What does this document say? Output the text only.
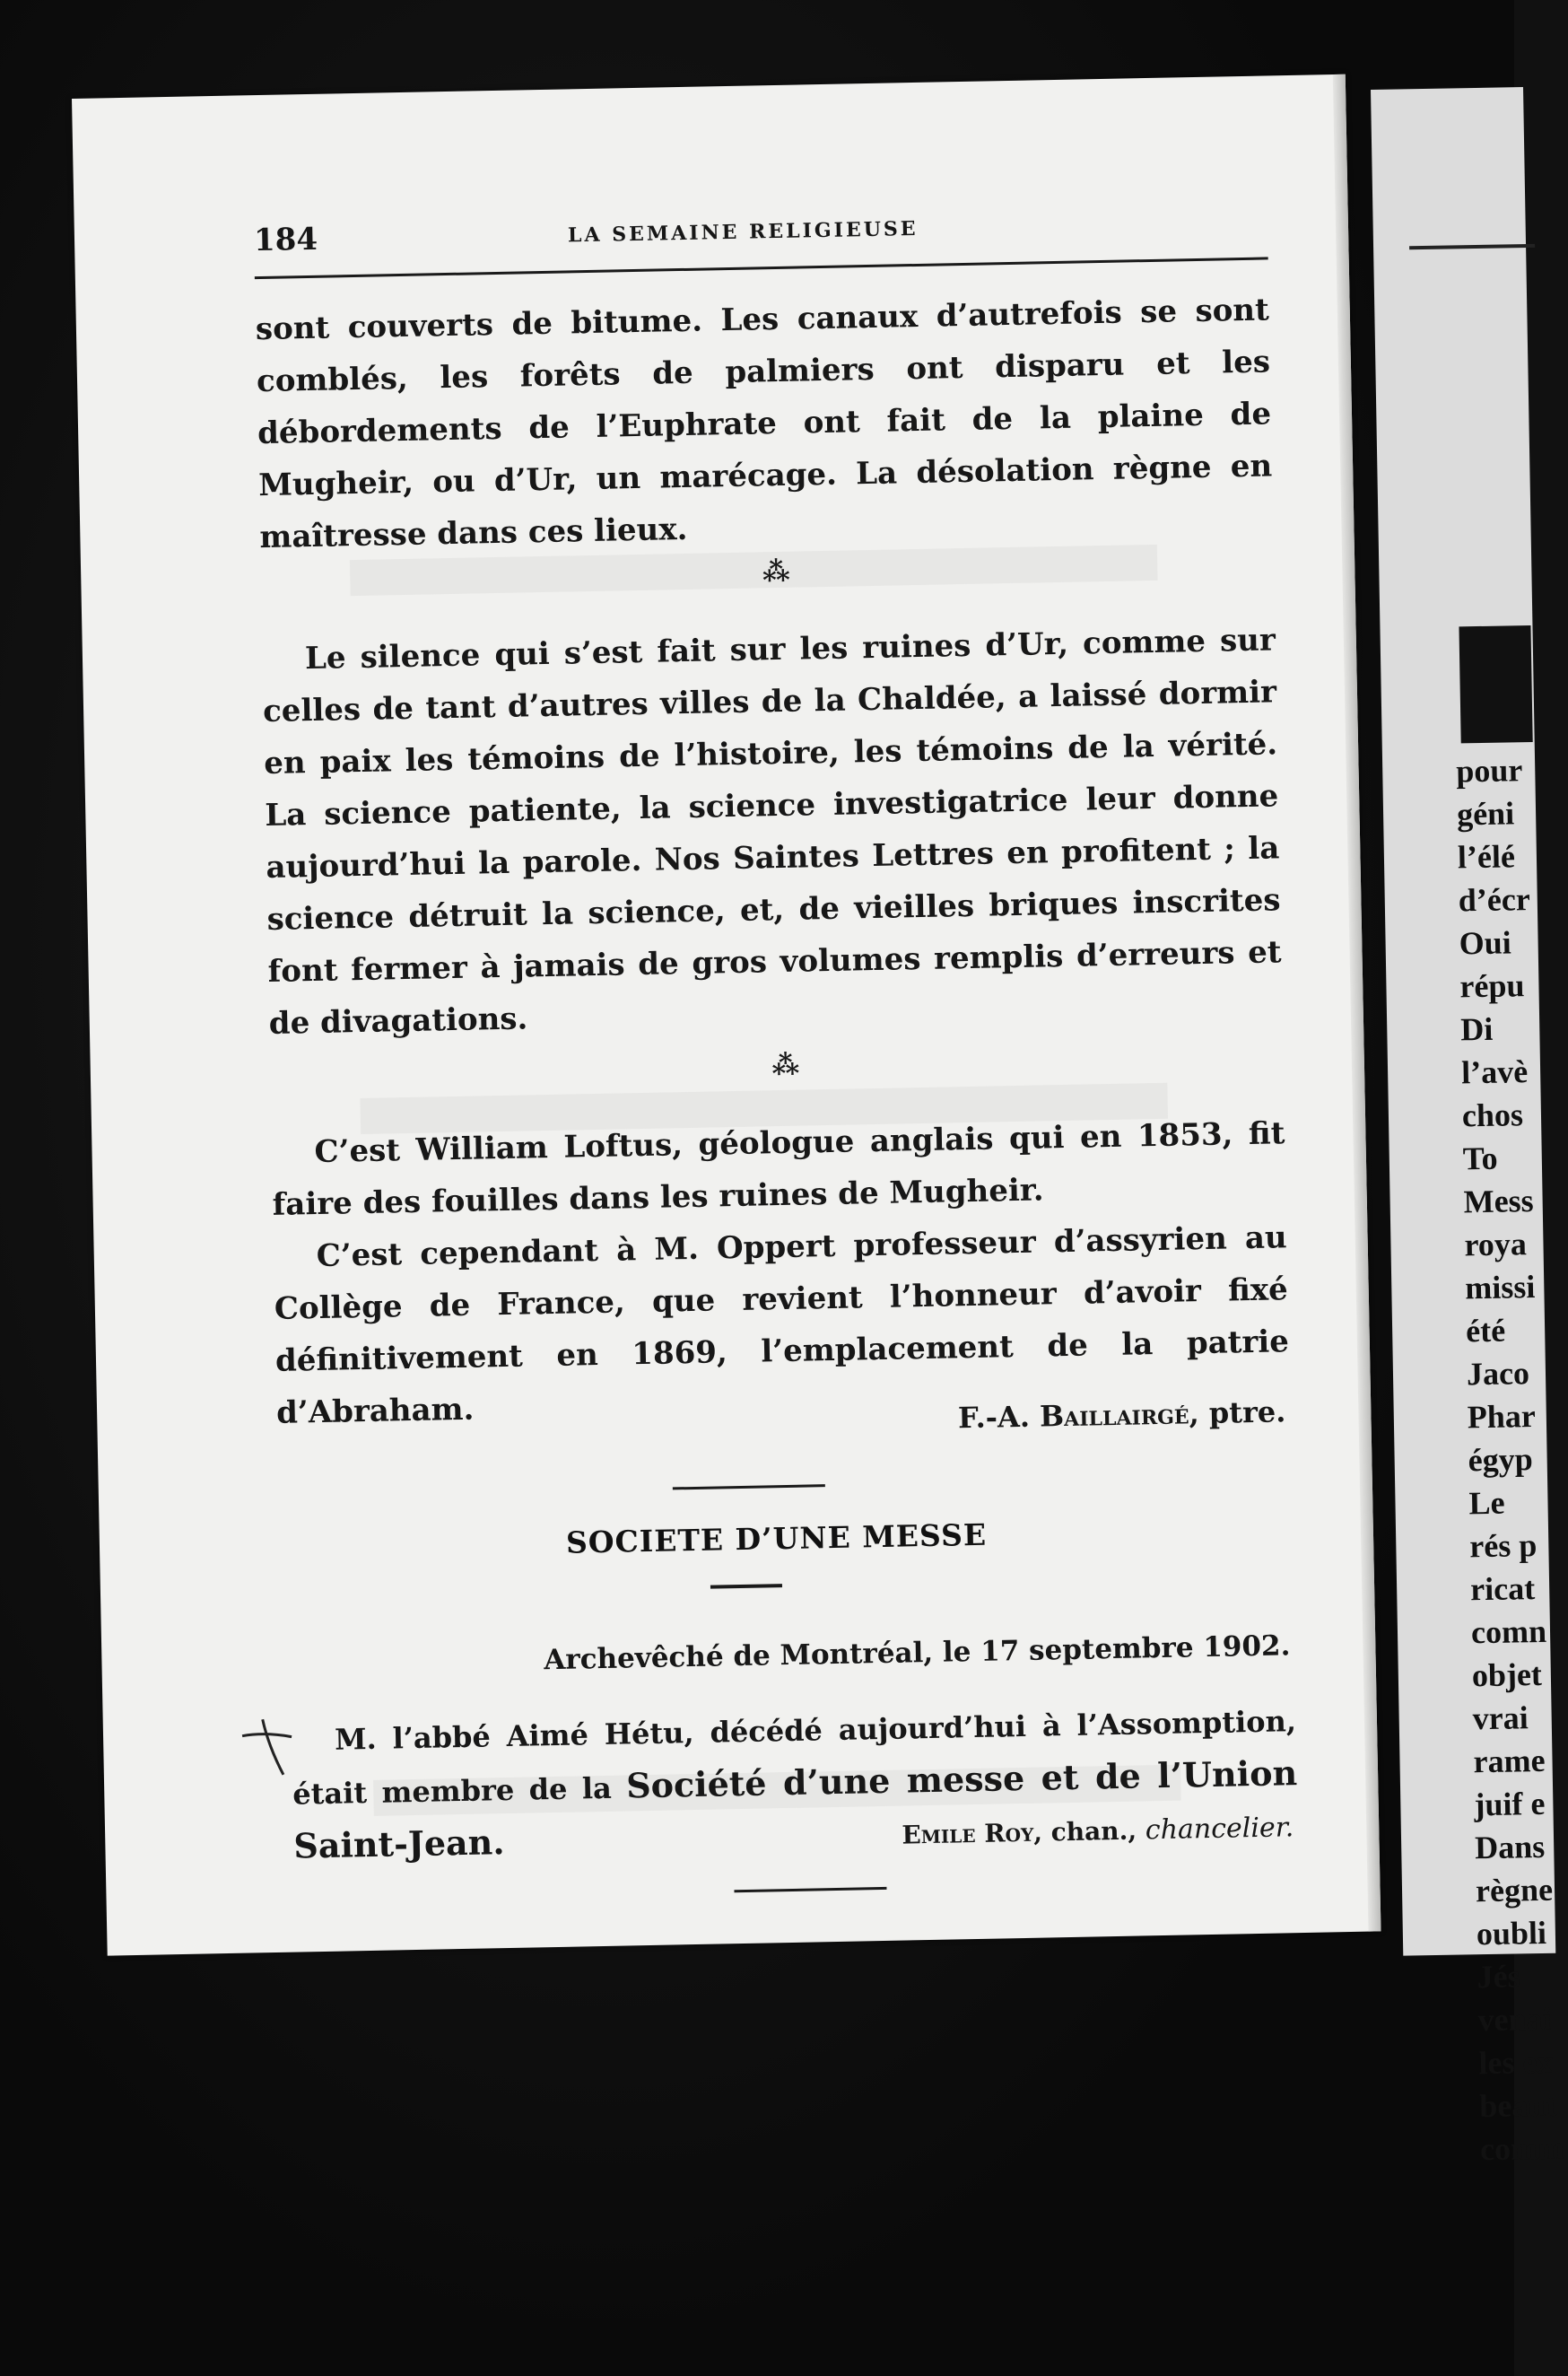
pour
géni
l’élé
d’écr
Oui
répu
Di
l’avè
chos
To
Mess
roya
missi
été
Jaco
Phar
égyp
Le
rés p
ricat
comn
objet
vrai
rame
juif e
Dans
règne
oubli
Jés
venai
les ex
beaut
comm
184	LA SEMAINE RELIGIEUSE

sont couverts de bitume. Les canaux d’autrefois se sont comblés, les forêts de palmiers ont disparu et les débordements de l’Euphrate ont fait de la plaine de Mugheir, ou d’Ur, un marécage. La désolation règne en maîtresse dans ces lieux.

⁂

Le silence qui s’est fait sur les ruines d’Ur, comme sur celles de tant d’autres villes de la Chaldée, a laissé dormir en paix les témoins de l’histoire, les témoins de la vérité. La science patiente, la science investigatrice leur donne aujourd’hui la parole. Nos Saintes Lettres en profitent ; la science détruit la science, et, de vieilles briques inscrites font fermer à jamais de gros volumes remplis d’erreurs et de divagations.

⁂

C’est William Loftus, géologue anglais qui en 1853, fit faire des fouilles dans les ruines de Mugheir.

C’est cependant à M. Oppert professeur d’assyrien au Collège de France, que revient l’honneur d’avoir fixé définitivement en 1869, l’emplacement de la patrie d’Abraham.	F.-A. Baillairgé, ptre.
SOCIETE D’UNE MESSE
Archevêché de Montréal, le 17 septembre 1902.
M. l’abbé Aimé Hétu, décédé aujourd’hui à l’Assomption, était membre de la Société d’une messe et de l’Union Saint-Jean.	Emile Roy, chan., chancelier.
